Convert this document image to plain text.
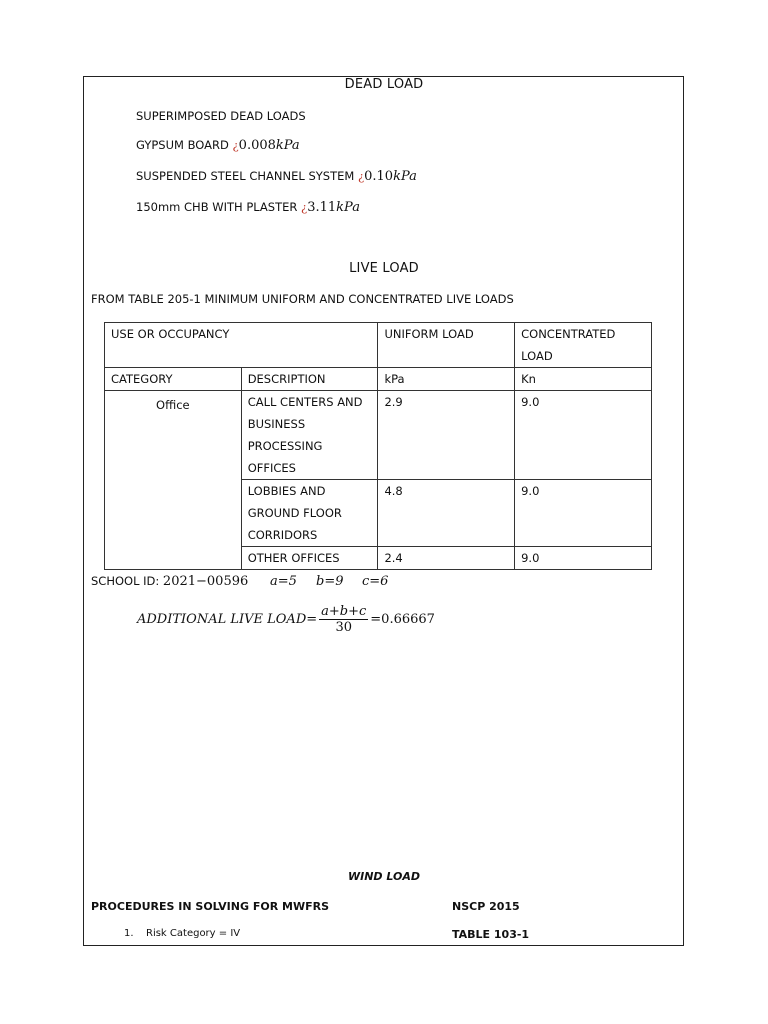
DEAD LOAD
SUPERIMPOSED DEAD LOADS
GYPSUM BOARD ¿0.008kPa
SUSPENDED STEEL CHANNEL SYSTEM ¿0.10kPa
150mm CHB WITH PLASTER ¿3.11kPa
LIVE LOAD
FROM TABLE 205-1 MINIMUM UNIFORM AND CONCENTRATED LIVE LOADS
USE OR OCCUPANCY		UNIFORM LOAD	CONCENTRATED
LOAD

CATEGORY	DESCRIPTION	kPa	Kn

Office	CALL CENTERS AND
BUSINESS
PROCESSING OFFICES	2.9	9.0

	LOBBIES AND
GROUND FLOOR
CORRIDORS	4.8	9.0

	OTHER OFFICES	2.4	9.0
SCHOOL ID: 2021−00596 a=5 b=9 c=6
ADDITIONAL LIVE LOAD= $\frac{a+b+c}{30} =0.66667$
WIND LOAD
PROCEDURES IN SOLVING FOR MWFRS	NSCP 2015
1. Risk Category = IV	TABLE 103-1
